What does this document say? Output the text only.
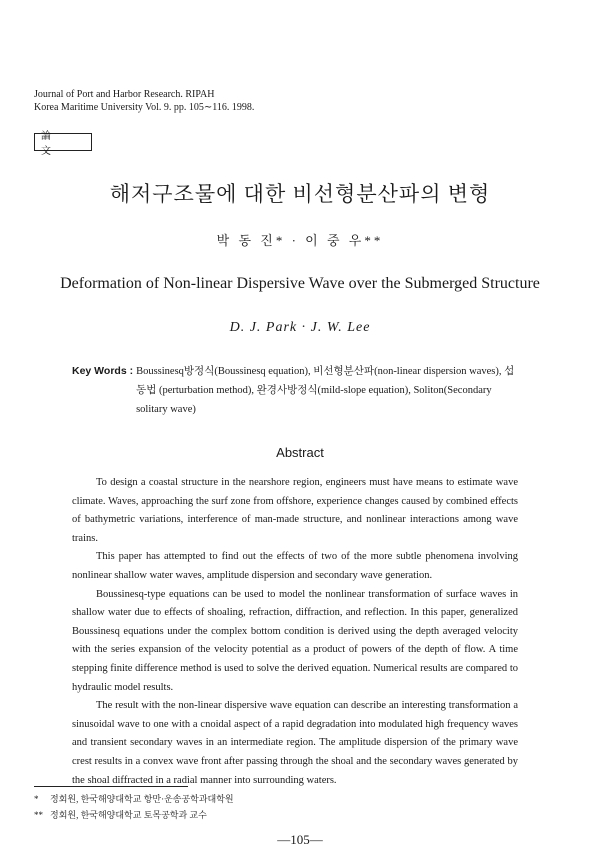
Journal of Port and Harbor Research. RIPAH
Korea Maritime University Vol. 9. pp. 105∼116. 1998.
論 文
해저구조물에 대한 비선형분산파의 변형
박 동 진* · 이 중 우**
Deformation of Non-linear Dispersive Wave over the Submerged Structure
D. J. Park · J. W. Lee
Key Words : Boussinesq방정식(Boussinesq equation), 비선형분산파(non-linear dispersion waves), 섭동법 (perturbation method), 완경사방정식(mild-slope equation), Soliton(Secondary solitary wave)
Abstract

To design a coastal structure in the nearshore region, engineers must have means to estimate wave climate. Waves, approaching the surf zone from offshore, experience changes caused by combined effects of bathymetric variations, interference of man-made structure, and nonlinear interactions among wave trains.

This paper has attempted to find out the effects of two of the more subtle phenomena involving nonlinear shallow water waves, amplitude dispersion and secondary wave generation.

Boussinesq-type equations can be used to model the nonlinear transformation of surface waves in shallow water due to effects of shoaling, refraction, diffraction, and reflection. In this paper, generalized Boussinesq equations under the complex bottom condition is derived using the depth averaged velocity with the series expansion of the velocity potential as a product of powers of the depth of flow. A time stepping finite difference method is used to solve the derived equation. Numerical results are compared to hydraulic model results.

The result with the non-linear dispersive wave equation can describe an interesting transformation a sinusoidal wave to one with a cnoidal aspect of a rapid degradation into modulated high frequency waves and transient secondary waves in an intermediate region. The amplitude dispersion of the primary wave crest results in a convex wave front after passing through the shoal and the secondary waves generated by the shoal diffracted in a radial manner into surrounding waters.

* 정회원, 한국해양대학교 항만·운송공학과대학원
** 정회원, 한국해양대학교 토목공학과 교수
—105—
